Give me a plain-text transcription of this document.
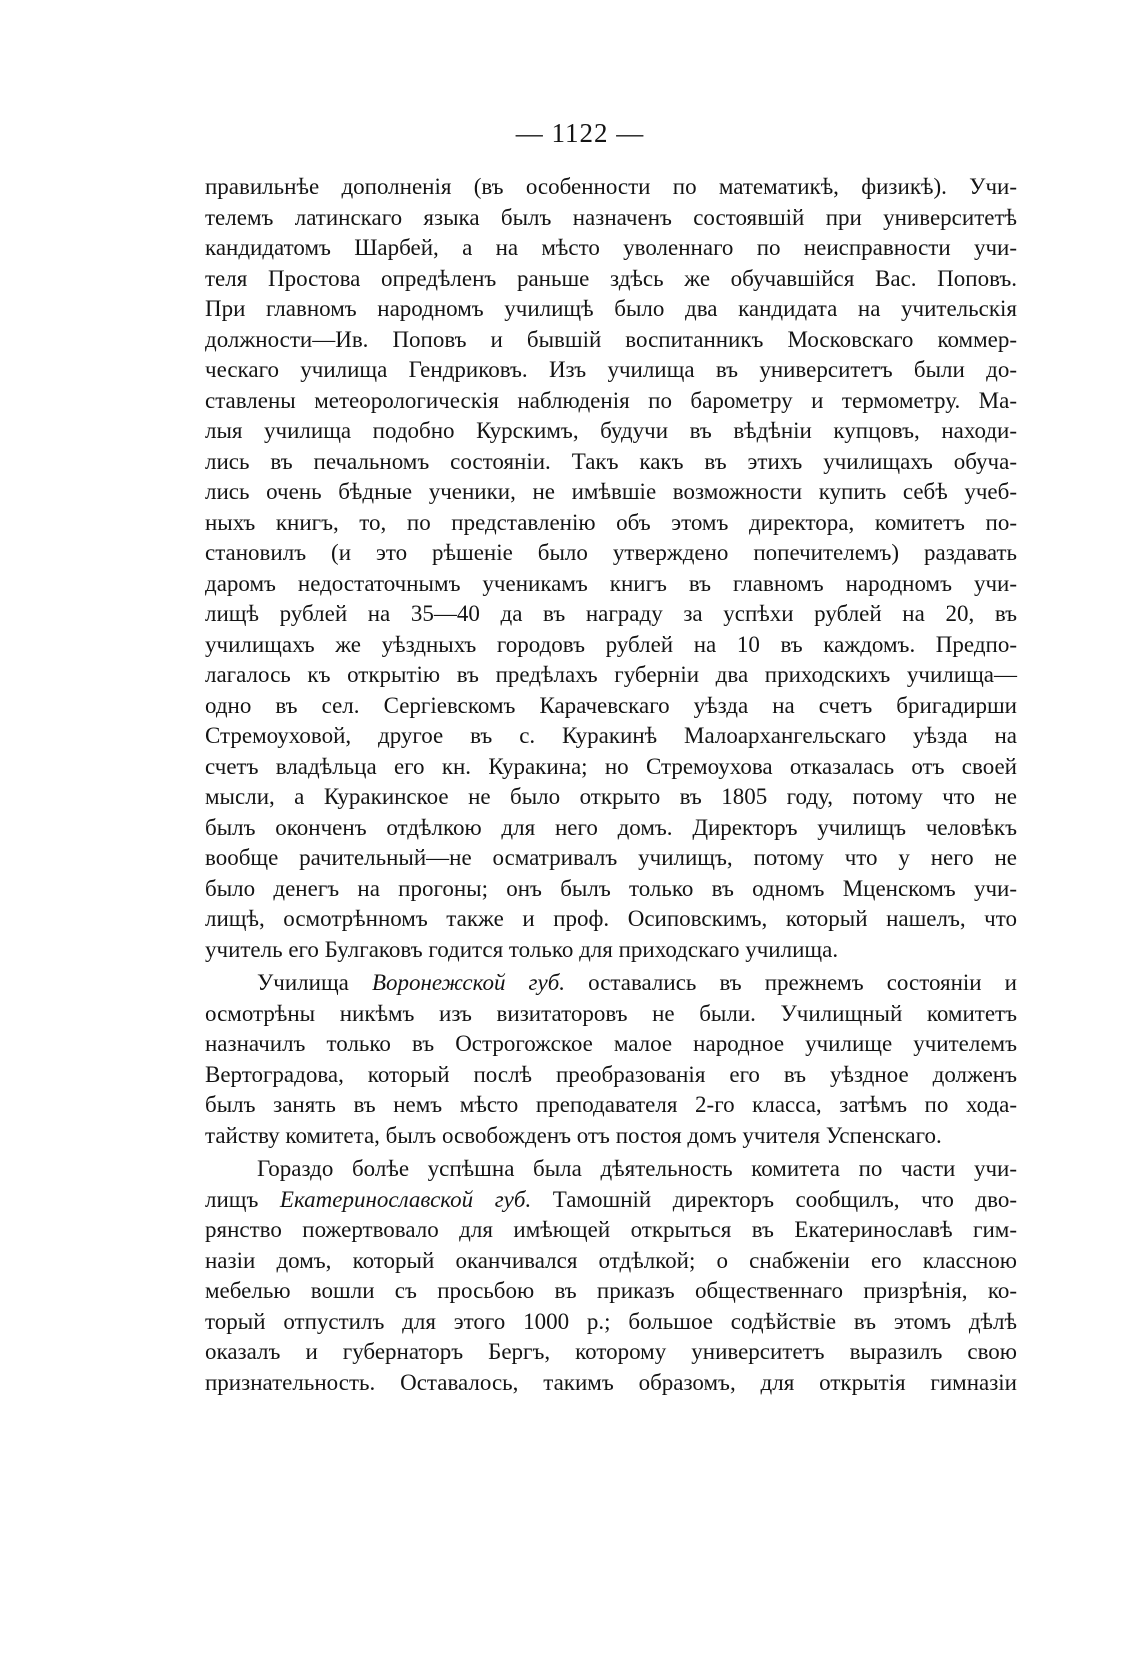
— 1122 —
правильнѣе дополненія (въ особенности по математикѣ, физикѣ). Учи-
телемъ латинскаго языка былъ назначенъ состоявшій при университетѣ
кандидатомъ Шарбей, а на мѣсто уволеннаго по неисправности учи-
теля Простова опредѣленъ раньше здѣсь же обучавшійся Вас. Поповъ.
При главномъ народномъ училищѣ было два кандидата на учительскія
должности—Ив. Поповъ и бывшій воспитанникъ Московскаго коммер-
ческаго училища Гендриковъ. Изъ училища въ университетъ были до-
ставлены метеорологическія наблюденія по барометру и термометру. Ма-
лыя училища подобно Курскимъ, будучи въ вѣдѣніи купцовъ, находи-
лись въ печальномъ состояніи. Такъ какъ въ этихъ училищахъ обуча-
лись очень бѣдные ученики, не имѣвшіе возможности купить себѣ учеб-
ныхъ книгъ, то, по представленію объ этомъ директора, комитетъ по-
становилъ (и это рѣшеніе было утверждено попечителемъ) раздавать
даромъ недостаточнымъ ученикамъ книгъ въ главномъ народномъ учи-
лищѣ рублей на 35—40 да въ награду за успѣхи рублей на 20, въ
училищахъ же уѣздныхъ городовъ рублей на 10 въ каждомъ. Предпо-
лагалось къ открытію въ предѣлахъ губерніи два приходскихъ училища—
одно въ сел. Сергіевскомъ Карачевскаго уѣзда на счетъ бригадирши
Стремоуховой, другое въ с. Куракинѣ Малоархангельскаго уѣзда на
счетъ владѣльца его кн. Куракина; но Стремоухова отказалась отъ своей
мысли, а Куракинское не было открыто въ 1805 году, потому что не
былъ оконченъ отдѣлкою для него домъ. Директоръ училищъ человѣкъ
вообще рачительный—не осматривалъ училищъ, потому что у него не
было денегъ на прогоны; онъ былъ только въ одномъ Мценскомъ учи-
лищѣ, осмотрѣнномъ также и проф. Осиповскимъ, который нашелъ, что
учитель его Булгаковъ годится только для приходскаго училища.
Училища Воронежской губ. оставались въ прежнемъ состояніи и
осмотрѣны никѣмъ изъ визитаторовъ не были. Училищный комитетъ
назначилъ только въ Острогожское малое народное училище учителемъ
Вертоградова, который послѣ преобразованія его въ уѣздное долженъ
былъ занять въ немъ мѣсто преподавателя 2-го класса, затѣмъ по хода-
тайству комитета, былъ освобожденъ отъ постоя домъ учителя Успенскаго.
Гораздо болѣе успѣшна была дѣятельность комитета по части учи-
лищъ Екатеринославской губ. Тамошній директоръ сообщилъ, что дво-
рянство пожертвовало для имѣющей открыться въ Екатеринославѣ гим-
назіи домъ, который оканчивался отдѣлкой; о снабженіи его классною
мебелью вошли съ просьбою въ приказъ общественнаго призрѣнія, ко-
торый отпустилъ для этого 1000 р.; большое содѣйствіе въ этомъ дѣлѣ
оказалъ и губернаторъ Бергъ, которому университетъ выразилъ свою
признательность. Оставалось, такимъ образомъ, для открытія гимназіи
